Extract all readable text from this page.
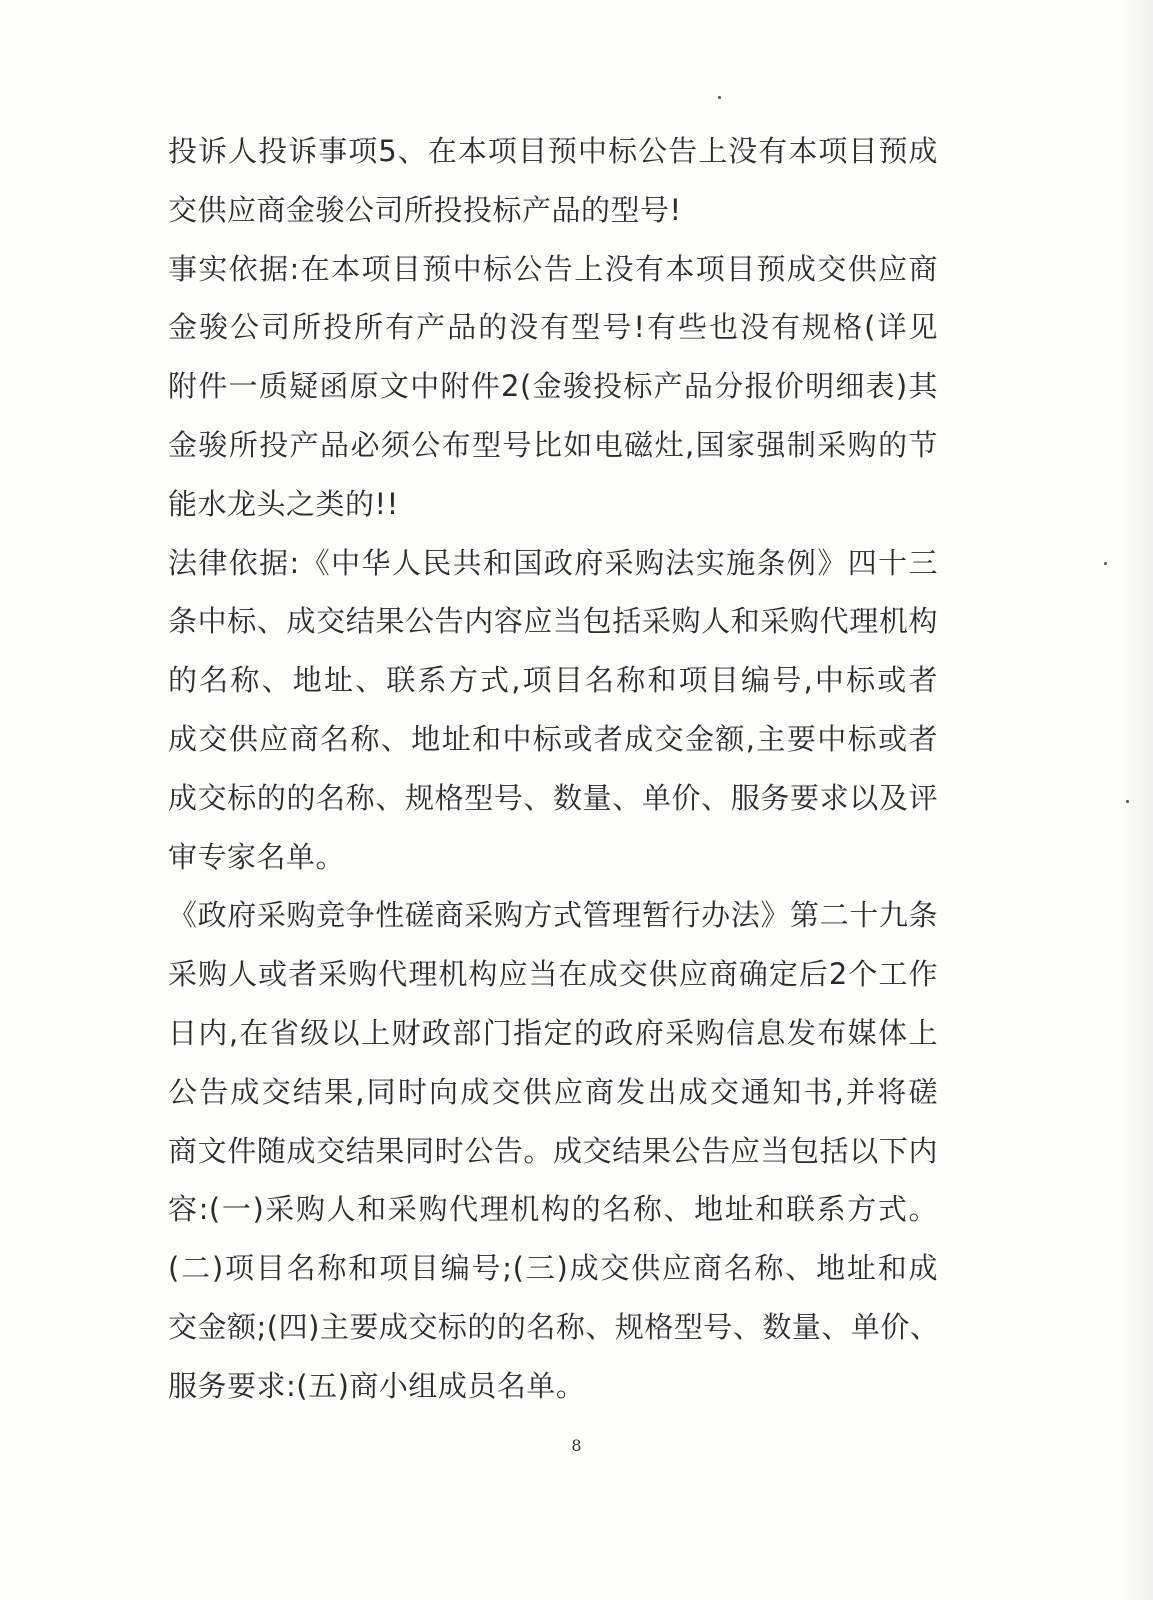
投诉人投诉事项5、在本项目预中标公告上没有本项目预成
交供应商金骏公司所投投标产品的型号!
事实依据:在本项目预中标公告上没有本项目预成交供应商
金骏公司所投所有产品的没有型号!有些也没有规格(详见
附件一质疑函原文中附件2(金骏投标产品分报价明细表)其
金骏所投产品必须公布型号比如电磁灶,国家强制采购的节
能水龙头之类的!!
法律依据:《中华人民共和国政府采购法实施条例》四十三
条中标、成交结果公告内容应当包括采购人和采购代理机构
的名称、地址、联系方式,项目名称和项目编号,中标或者
成交供应商名称、地址和中标或者成交金额,主要中标或者
成交标的的名称、规格型号、数量、单价、服务要求以及评
审专家名单。
《政府采购竞争性磋商采购方式管理暂行办法》第二十九条
采购人或者采购代理机构应当在成交供应商确定后2个工作
日内,在省级以上财政部门指定的政府采购信息发布媒体上
公告成交结果,同时向成交供应商发出成交通知书,并将磋
商文件随成交结果同时公告。成交结果公告应当包括以下内
容:(一)采购人和采购代理机构的名称、地址和联系方式。
(二)项目名称和项目编号;(三)成交供应商名称、地址和成
交金额;(四)主要成交标的的名称、规格型号、数量、单价、
服务要求:(五)商小组成员名单。
8
